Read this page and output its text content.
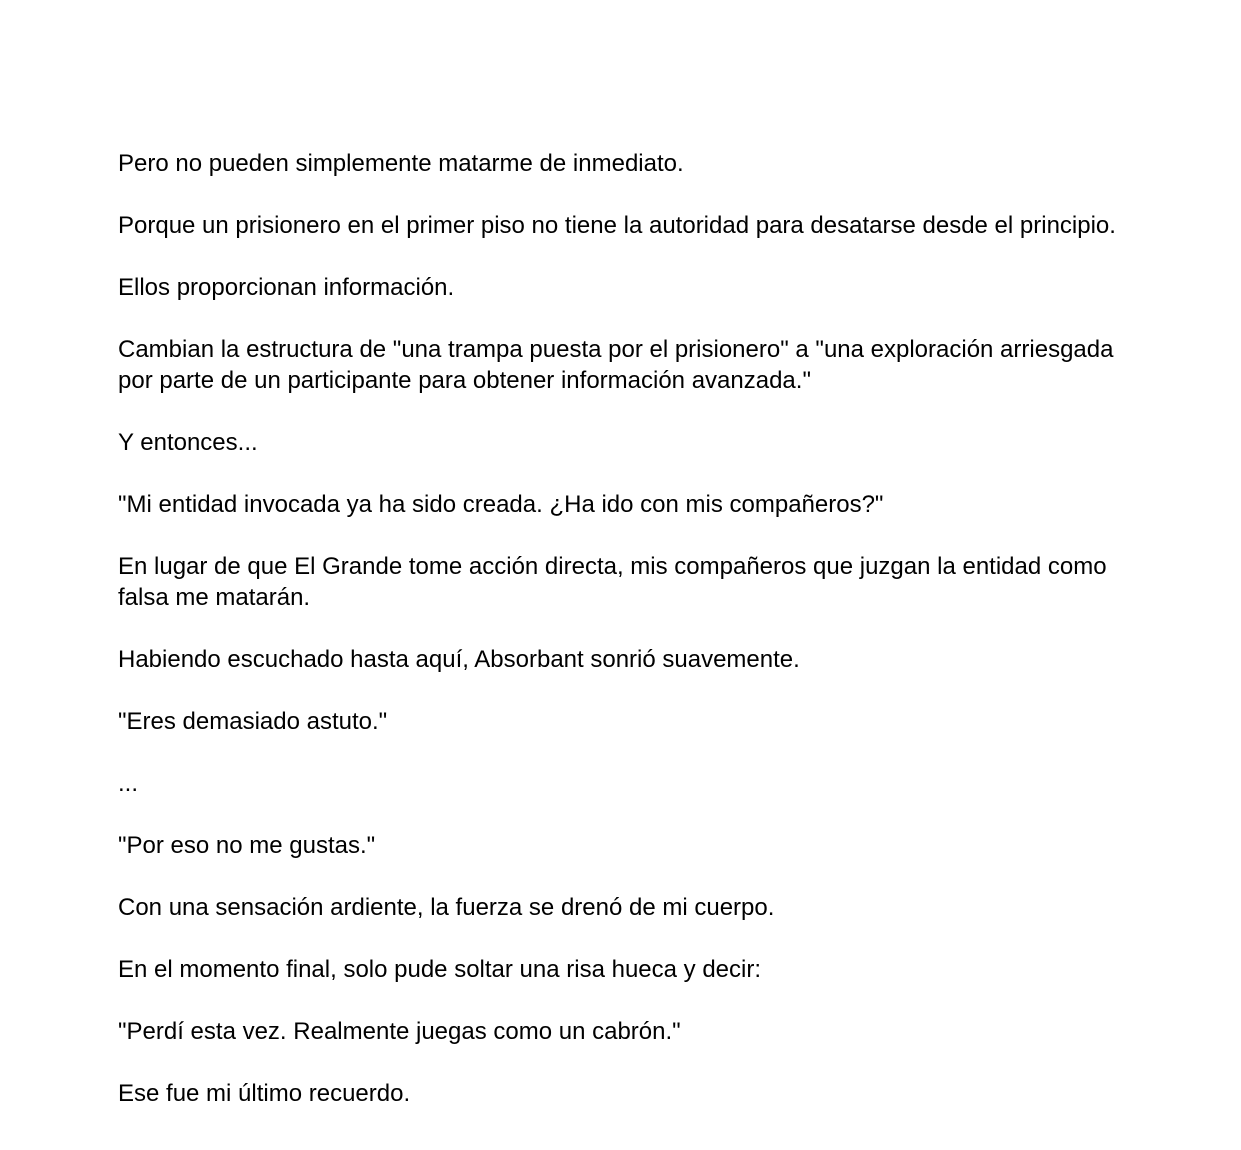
Pero no pueden simplemente matarme de inmediato.

Porque un prisionero en el primer piso no tiene la autoridad para desatarse desde el principio.

Ellos proporcionan información.

Cambian la estructura de "una trampa puesta por el prisionero" a "una exploración arriesgada por parte de un participante para obtener información avanzada."

Y entonces...

"Mi entidad invocada ya ha sido creada. ¿Ha ido con mis compañeros?"

En lugar de que El Grande tome acción directa, mis compañeros que juzgan la entidad como falsa me matarán.

Habiendo escuchado hasta aquí, Absorbant sonrió suavemente.

"Eres demasiado astuto."

...

"Por eso no me gustas."

Con una sensación ardiente, la fuerza se drenó de mi cuerpo.

En el momento final, solo pude soltar una risa hueca y decir:

"Perdí esta vez. Realmente juegas como un cabrón."

Ese fue mi último recuerdo.
